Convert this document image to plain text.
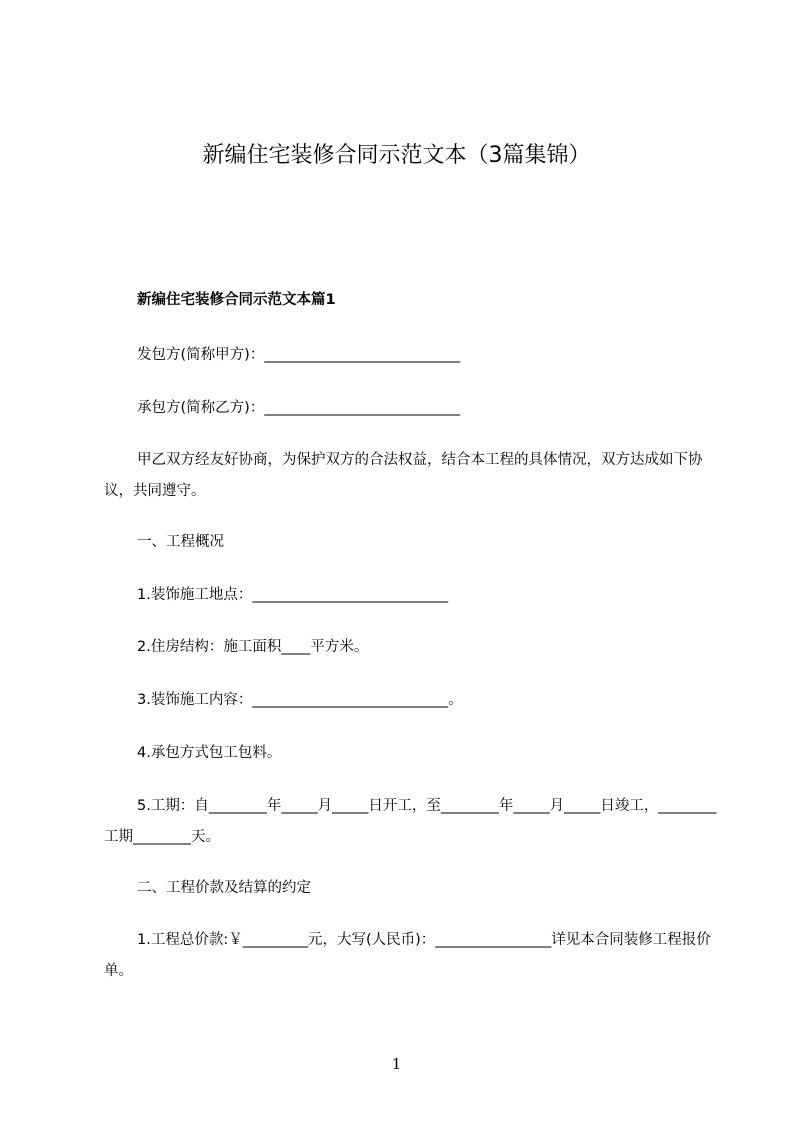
新编住宅装修合同示范文本（3篇集锦）
新编住宅装修合同示范文本篇1
发包方(简称甲方)：___________________________
承包方(简称乙方)：___________________________
甲乙双方经友好协商，为保护双方的合法权益，结合本工程的具体情况，双方达成如下协议，共同遵守。
一、工程概况
1.装饰施工地点：___________________________
2.住房结构：施工面积____平方米。
3.装饰施工内容：___________________________。
4.承包方式包工包料。
5.工期：自________年_____月_____日开工，至________年_____月_____日竣工，________工期________天。
二、工程价款及结算的约定
1.工程总价款:￥_________元，大写(人民币)：________________详见本合同装修工程报价单。
1
